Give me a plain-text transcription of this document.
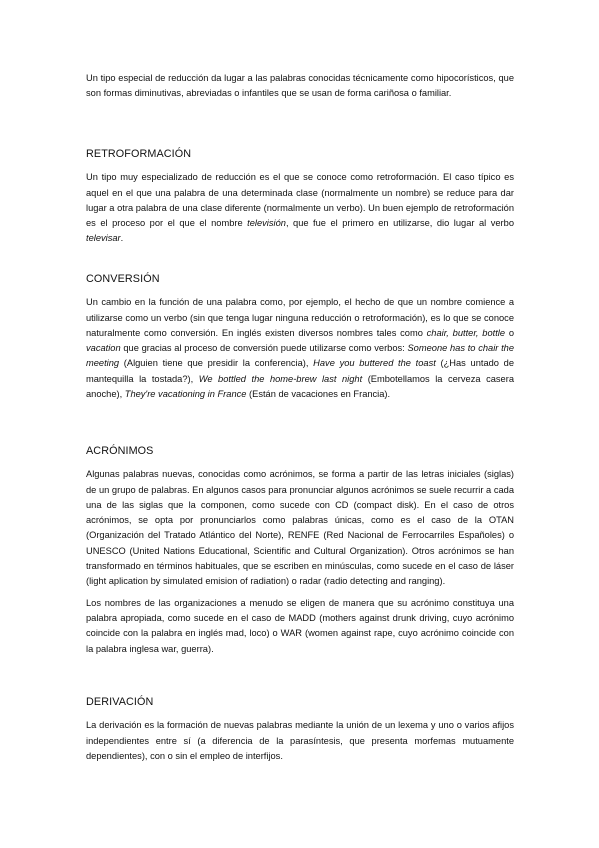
Un tipo especial de reducción da lugar a las palabras conocidas técnicamente como hipocorísticos, que son formas diminutivas, abreviadas o infantiles que se usan de forma cariñosa o familiar.

RETROFORMACIÓN

Un tipo muy especializado de reducción es el que se conoce como retroformación. El caso típico es aquel en el que una palabra de una determinada clase (normalmente un nombre) se reduce para dar lugar a otra palabra de una clase diferente (normalmente un verbo). Un buen ejemplo de retroformación es el proceso por el que el nombre televisión, que fue el primero en utilizarse, dio lugar al verbo televisar.

CONVERSIÓN

Un cambio en la función de una palabra como, por ejemplo, el hecho de que un nombre comience a utilizarse como un verbo (sin que tenga lugar ninguna reducción o retroformación), es lo que se conoce naturalmente como conversión. En inglés existen diversos nombres tales como chair, butter, bottle o vacation que gracias al proceso de conversión puede utilizarse como verbos: Someone has to chair the meeting (Alguien tiene que presidir la conferencia), Have you buttered the toast (¿Has untado de mantequilla la tostada?), We bottled the home-brew last night (Embotellamos la cerveza casera anoche), They're vacationing in France (Están de vacaciones en Francia).

ACRÓNIMOS

Algunas palabras nuevas, conocidas como acrónimos, se forma a partir de las letras iniciales (siglas) de un grupo de palabras. En algunos casos para pronunciar algunos acrónimos se suele recurrir a cada una de las siglas que la componen, como sucede con CD (compact disk). En el caso de otros acrónimos, se opta por pronunciarlos como palabras únicas, como es el caso de la OTAN (Organización del Tratado Atlántico del Norte), RENFE (Red Nacional de Ferrocarriles Españoles) o UNESCO (United Nations Educational, Scientific and Cultural Organization). Otros acrónimos se han transformado en términos habituales, que se escriben en minúsculas, como sucede en el caso de láser (light aplication by simulated emision of radiation) o radar (radio detecting and ranging).

Los nombres de las organizaciones a menudo se eligen de manera que su acrónimo constituya una palabra apropiada, como sucede en el caso de MADD (mothers against drunk driving, cuyo acrónimo coincide con la palabra en inglés mad, loco) o WAR (women against rape, cuyo acrónimo coincide con la palabra inglesa war, guerra).

DERIVACIÓN

La derivación es la formación de nuevas palabras mediante la unión de un lexema y uno o varios afijos independientes entre sí (a diferencia de la parasíntesis, que presenta morfemas mutuamente dependientes), con o sin el empleo de interfijos.
